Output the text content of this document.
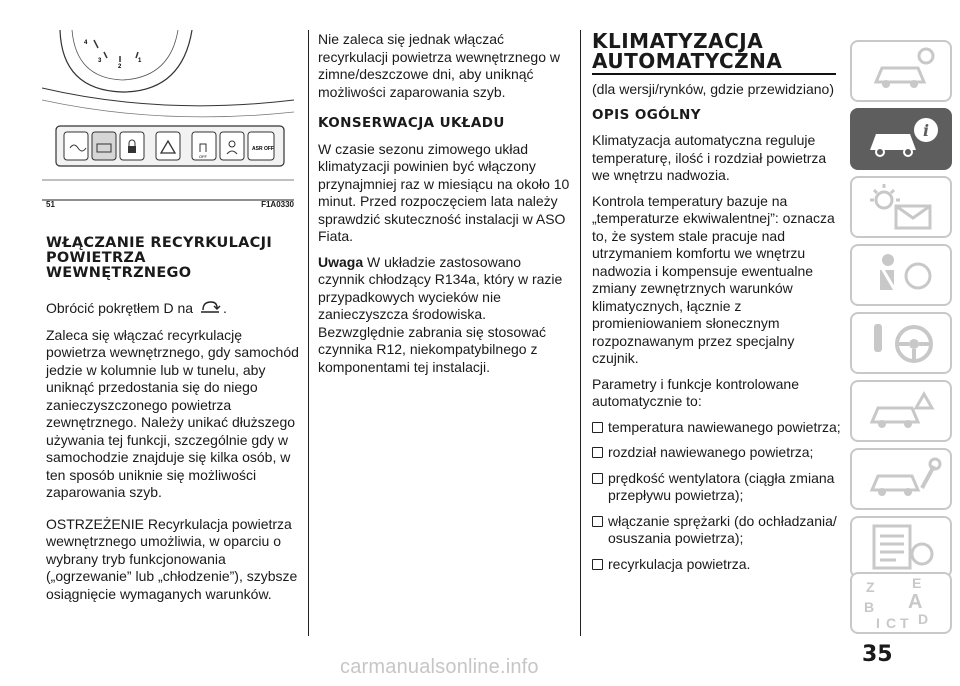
4
3
2
1
OFF
ASR OFF
51	F1A0330
WŁĄCZANIE RECYRKULACJI POWIETRZA WEWNĘTRZNEGO

Obrócić pokrętłem D na .

Zaleca się włączać recyrkulację powietrza wewnętrznego, gdy samochód jedzie w kolumnie lub w tunelu, aby uniknąć przedostania się do niego zanieczyszczonego powietrza zewnętrznego. Należy unikać dłuższego używania tej funkcji, szczególnie gdy w samochodzie znajduje się kilka osób, w ten sposób uniknie się możliwości zaparowania szyb.

OSTRZEŻENIE Recyrkulacja powietrza wewnętrznego umożliwia, w oparciu o wybrany tryb funkcjonowania („ogrzewanie” lub „chłodzenie”), szybsze osiągnięcie wymaganych warunków.

Nie zaleca się jednak włączać recyrkulacji powietrza wewnętrznego w zimne/deszczowe dni, aby uniknąć możliwości zaparowania szyb.

KONSERWACJA UKŁADU

W czasie sezonu zimowego układ klimatyzacji powinien być włączony przynajmniej raz w miesiącu na około 10 minut. Przed rozpoczęciem lata należy sprawdzić skuteczność instalacji w ASO Fiata.

Uwaga W układzie zastosowano czynnik chłodzący R134a, który w razie przypadkowych wycieków nie zanieczyszcza środowiska. Bezwzględnie zabrania się stosować czynnika R12, niekompatybilnego z komponentami tej instalacji.

KLIMATYZACJA AUTOMATYCZNA

(dla wersji/rynków, gdzie przewidziano)

OPIS OGÓLNY

Klimatyzacja automatyczna reguluje temperaturę, ilość i rozdział powietrza we wnętrzu nadwozia.

Kontrola temperatury bazuje na „temperaturze ekwiwalentnej”: oznacza to, że system stale pracuje nad utrzymaniem komfortu we wnętrzu nadwozia i kompensuje ewentualne zmiany zewnętrznych warunków klimatycznych, łącznie z promieniowaniem słonecznym rozpoznawanym przez specjalny czujnik.

Parametry i funkcje kontrolowane automatycznie to:

temperatura nawiewanego powietrza;
rozdział nawiewanego powietrza;
prędkość wentylatora (ciągła zmiana przepływu powietrza);
włączanie sprężarki (do ochładzania/ osuszania powietrza);
recyrkulacja powietrza.
i
Z	E
B A
I C T D
35
carmanualsonline.info
